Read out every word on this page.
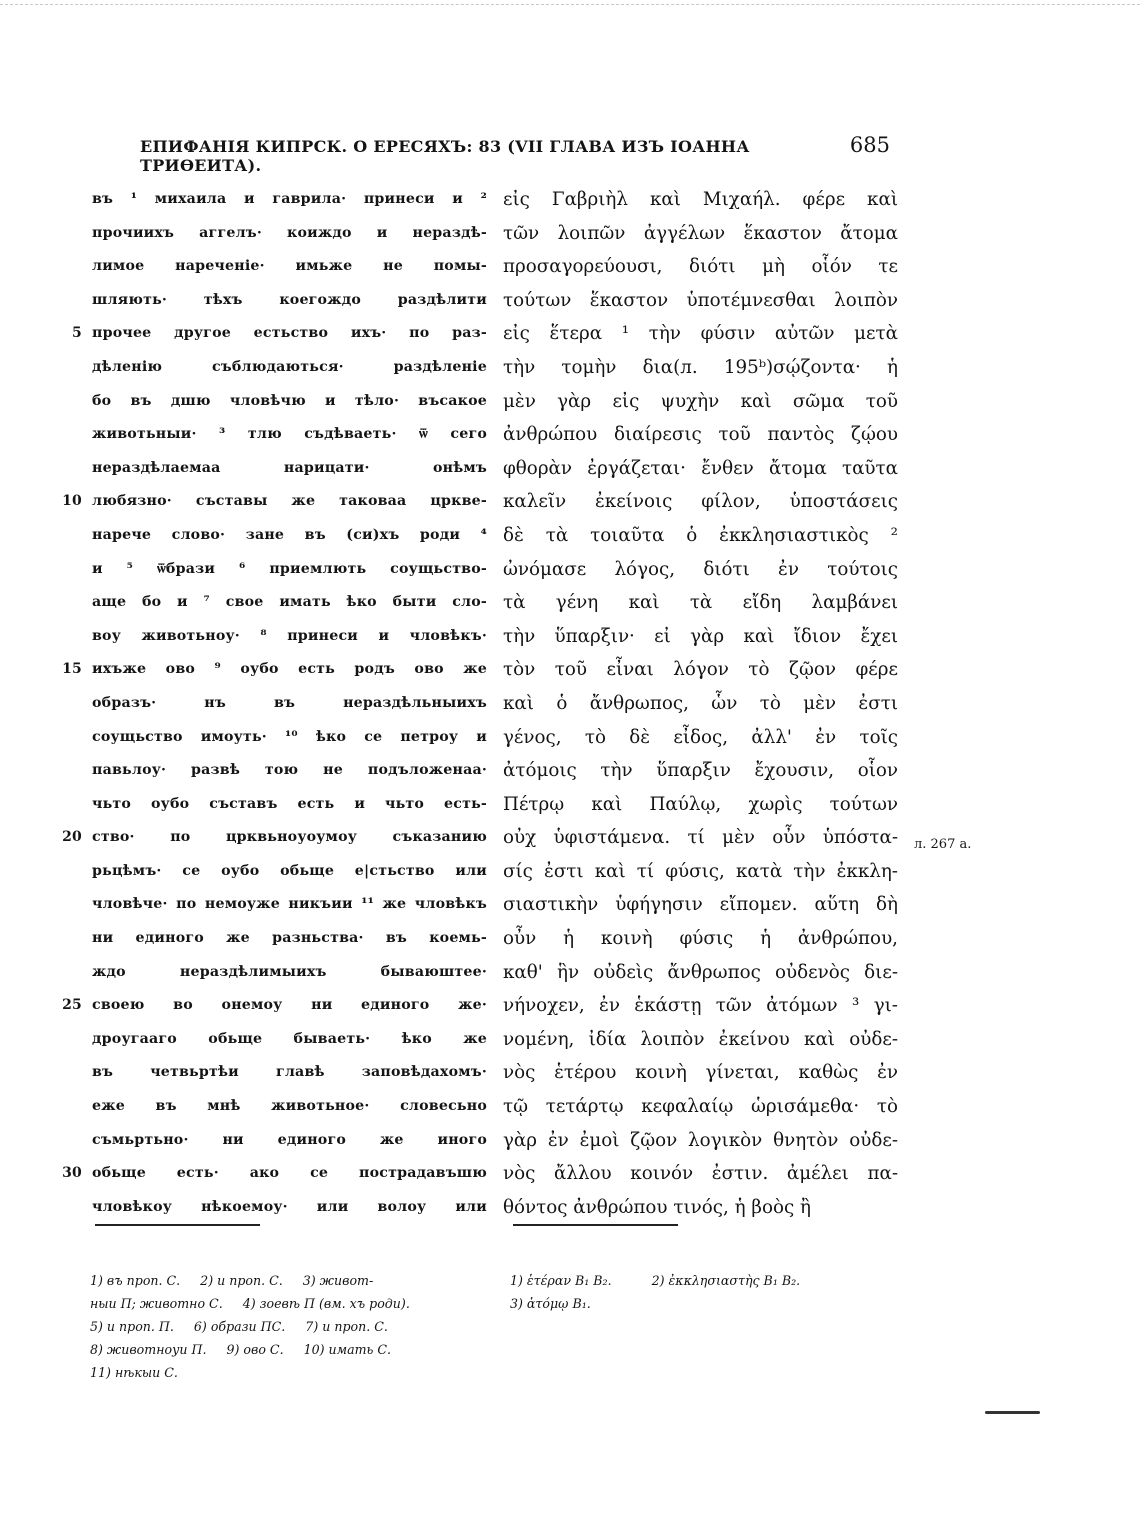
ЕПИФАНІЯ КИПРСК. О ЕРЕСЯХЪ: 83 (VII ГЛАВА ИЗЪ ІОАННА ТРИѲЕИТА).
685
въ ¹ михаила и гаврила· принеси и ²
прочиихъ аггелъ· коиждо и нераздѣ-
лимое нареченіе· имьже не помы-
шляють· тѣхъ коегождо раздѣлити
5 прочее другое естьство ихъ· по раз-
дѣленію съблюдаються· раздѣленіе
бо въ дшю чловѣчю и тѣло· въсакое
животьныи· ³ тлю съдѣваеть· ѿ сего
нераздѣлаемаа нарицати· онѣмъ
10 любязно· съставы же таковаа цркве-
нарече слово· зане въ (си)хъ роди ⁴
и ⁵ ѿбрази ⁶ приемлють соущьство-
аще бо и ⁷ свое имать ѣко быти сло-
воу животьноу· ⁸ принеси и чловѣкъ·
15 ихъже ово ⁹ оубо есть родъ ово же
образъ· нъ въ нераздѣльныихъ
соущьство имоуть· ¹⁰ ѣко се петроу и
павьлоу· развѣ тою не подъложенаа·
чьто оубо съставъ есть и чьто есть-
20 ство· по црквьноуоумоу съказанию
рьцѣмъ· се оубо обьще е|стьство или
чловѣче· по немоуже никъии ¹¹ же чловѣкъ
ни единого же разньства· въ коемь-
ждо нераздѣлимыихъ бываюштее·
25 своею во онемоу ни единого же·
дроугааго обьще бываеть· ѣко же
въ четвьртѣи главѣ заповѣдахомъ·
еже въ мнѣ животьное· словесьно
съмьртьно· ни единого же иного
30 обьще есть· ако се пострадавъшю
чловѣкоу нѣкоемоу· или волоу или
εἰς Γαβριὴλ καὶ Μιχαήλ. φέρε καὶ
τῶν λοιπῶν ἀγγέλων ἕκαστον ἄτομα
προσαγορεύουσι, διότι μὴ οἷόν τε
τούτων ἕκαστον ὑποτέμνεσθαι λοιπὸν
εἰς ἕτερα ¹ τὴν φύσιν αὐτῶν μετὰ
τὴν τομὴν δια(л. 195ᵇ)σῴζοντα· ἡ
μὲν γὰρ εἰς ψυχὴν καὶ σῶμα τοῦ
ἀνθρώπου διαίρεσις τοῦ παντὸς ζῴου
φθορὰν ἐργάζεται· ἔνθεν ἄτομα ταῦτα
καλεῖν ἐκείνοις φίλον, ὑποστάσεις
δὲ τὰ τοιαῦτα ὁ ἐκκλησιαστικὸς ²
ὠνόμασε λόγος, διότι ἐν τούτοις
τὰ γένη καὶ τὰ εἴδη λαμβάνει
τὴν ὕπαρξιν· εἰ γὰρ καὶ ἴδιον ἔχει
τὸν τοῦ εἶναι λόγον τὸ ζῷον φέρε
καὶ ὁ ἄνθρωπος, ὧν τὸ μὲν ἐστι
γένος, τὸ δὲ εἶδος, ἀλλ' ἐν τοῖς
ἀτόμοις τὴν ὕπαρξιν ἔχουσιν, οἷον
Πέτρῳ καὶ Παύλῳ, χωρὶς τούτων
οὐχ ὑφιστάμενα. τί μὲν οὖν ὑπόστα-
σίς ἐστι καὶ τί φύσις, κατὰ τὴν ἐκκλη-
σιαστικὴν ὑφήγησιν εἴπομεν. αὕτη δὴ
οὖν ἡ κοινὴ φύσις ἡ ἀνθρώπου,
καθ' ἣν οὐδεὶς ἄνθρωπος οὐδενὸς διε-
νήνοχεν, ἐν ἑκάστῃ τῶν ἀτόμων ³ γι-
νομένη, ἰδία λοιπὸν ἐκείνου καὶ οὐδε-
νὸς ἑτέρου κοινὴ γίνεται, καθὼς ἐν
τῷ τετάρτῳ κεφαλαίῳ ὡρισάμεθα· τὸ
γὰρ ἐν ἐμοὶ ζῷον λογικὸν θνητὸν οὐδε-
νὸς ἄλλου κοινόν ἐστιν. ἀμέλει πα-
θόντος ἀνθρώπου τινός, ἡ βοὸς ἢ
л. 267 а.
1) въ проп. С.     2) и проп. С.     3) живот-
ныи П; животно С.     4) зоевѣ П (вм. хъ роди).
5) и проп. П.     6) образи ПС.     7) и проп. С.
8) животноуи П.     9) ово С.     10) имать С.
11) нѣкыи С.
1) ἑτέραν B₁ B₂.          2) ἐκκλησιαστὴς B₁ B₂.
3) ἀτόμῳ B₁.
